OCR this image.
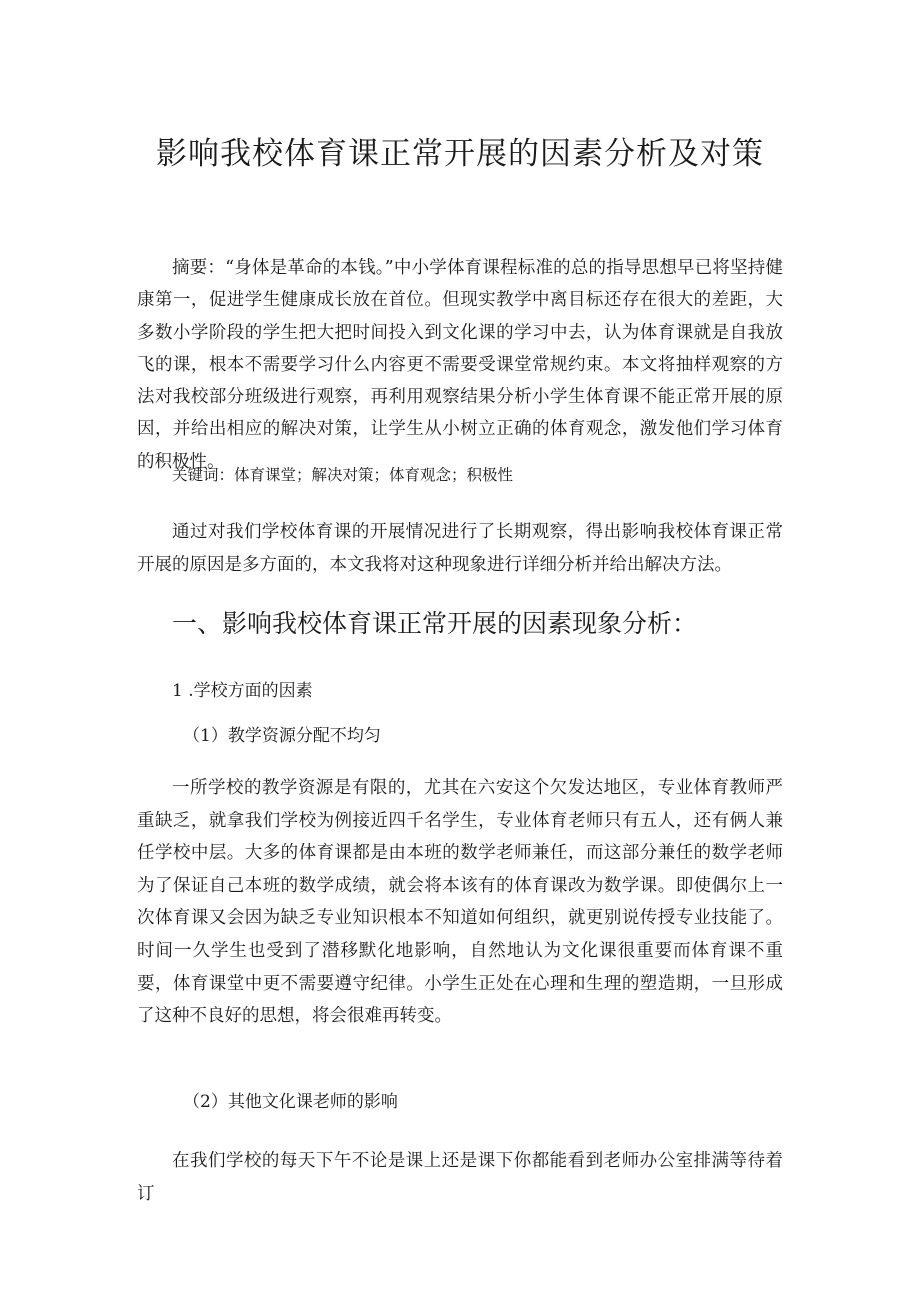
影响我校体育课正常开展的因素分析及对策

摘要：“身体是革命的本钱。”中小学体育课程标准的总的指导思想早已将坚持健康第一，促进学生健康成长放在首位。但现实教学中离目标还存在很大的差距，大多数小学阶段的学生把大把时间投入到文化课的学习中去，认为体育课就是自我放飞的课，根本不需要学习什么内容更不需要受课堂常规约束。本文将抽样观察的方法对我校部分班级进行观察，再利用观察结果分析小学生体育课不能正常开展的原因，并给出相应的解决对策，让学生从小树立正确的体育观念，激发他们学习体育的积极性。

关键词：体育课堂；解决对策；体育观念；积极性

通过对我们学校体育课的开展情况进行了长期观察，得出影响我校体育课正常开展的原因是多方面的，本文我将对这种现象进行详细分析并给出解决方法。

一、影响我校体育课正常开展的因素现象分析：
1 .学校方面的因素
（1）教学资源分配不均匀

一所学校的教学资源是有限的，尤其在六安这个欠发达地区，专业体育教师严重缺乏，就拿我们学校为例接近四千名学生，专业体育老师只有五人，还有俩人兼任学校中层。大多的体育课都是由本班的数学老师兼任，而这部分兼任的数学老师为了保证自己本班的数学成绩，就会将本该有的体育课改为数学课。即使偶尔上一次体育课又会因为缺乏专业知识根本不知道如何组织，就更别说传授专业技能了。时间一久学生也受到了潜移默化地影响，自然地认为文化课很重要而体育课不重要，体育课堂中更不需要遵守纪律。小学生正处在心理和生理的塑造期，一旦形成了这种不良好的思想，将会很难再转变。

（2）其他文化课老师的影响

在我们学校的每天下午不论是课上还是课下你都能看到老师办公室排满等待着订
